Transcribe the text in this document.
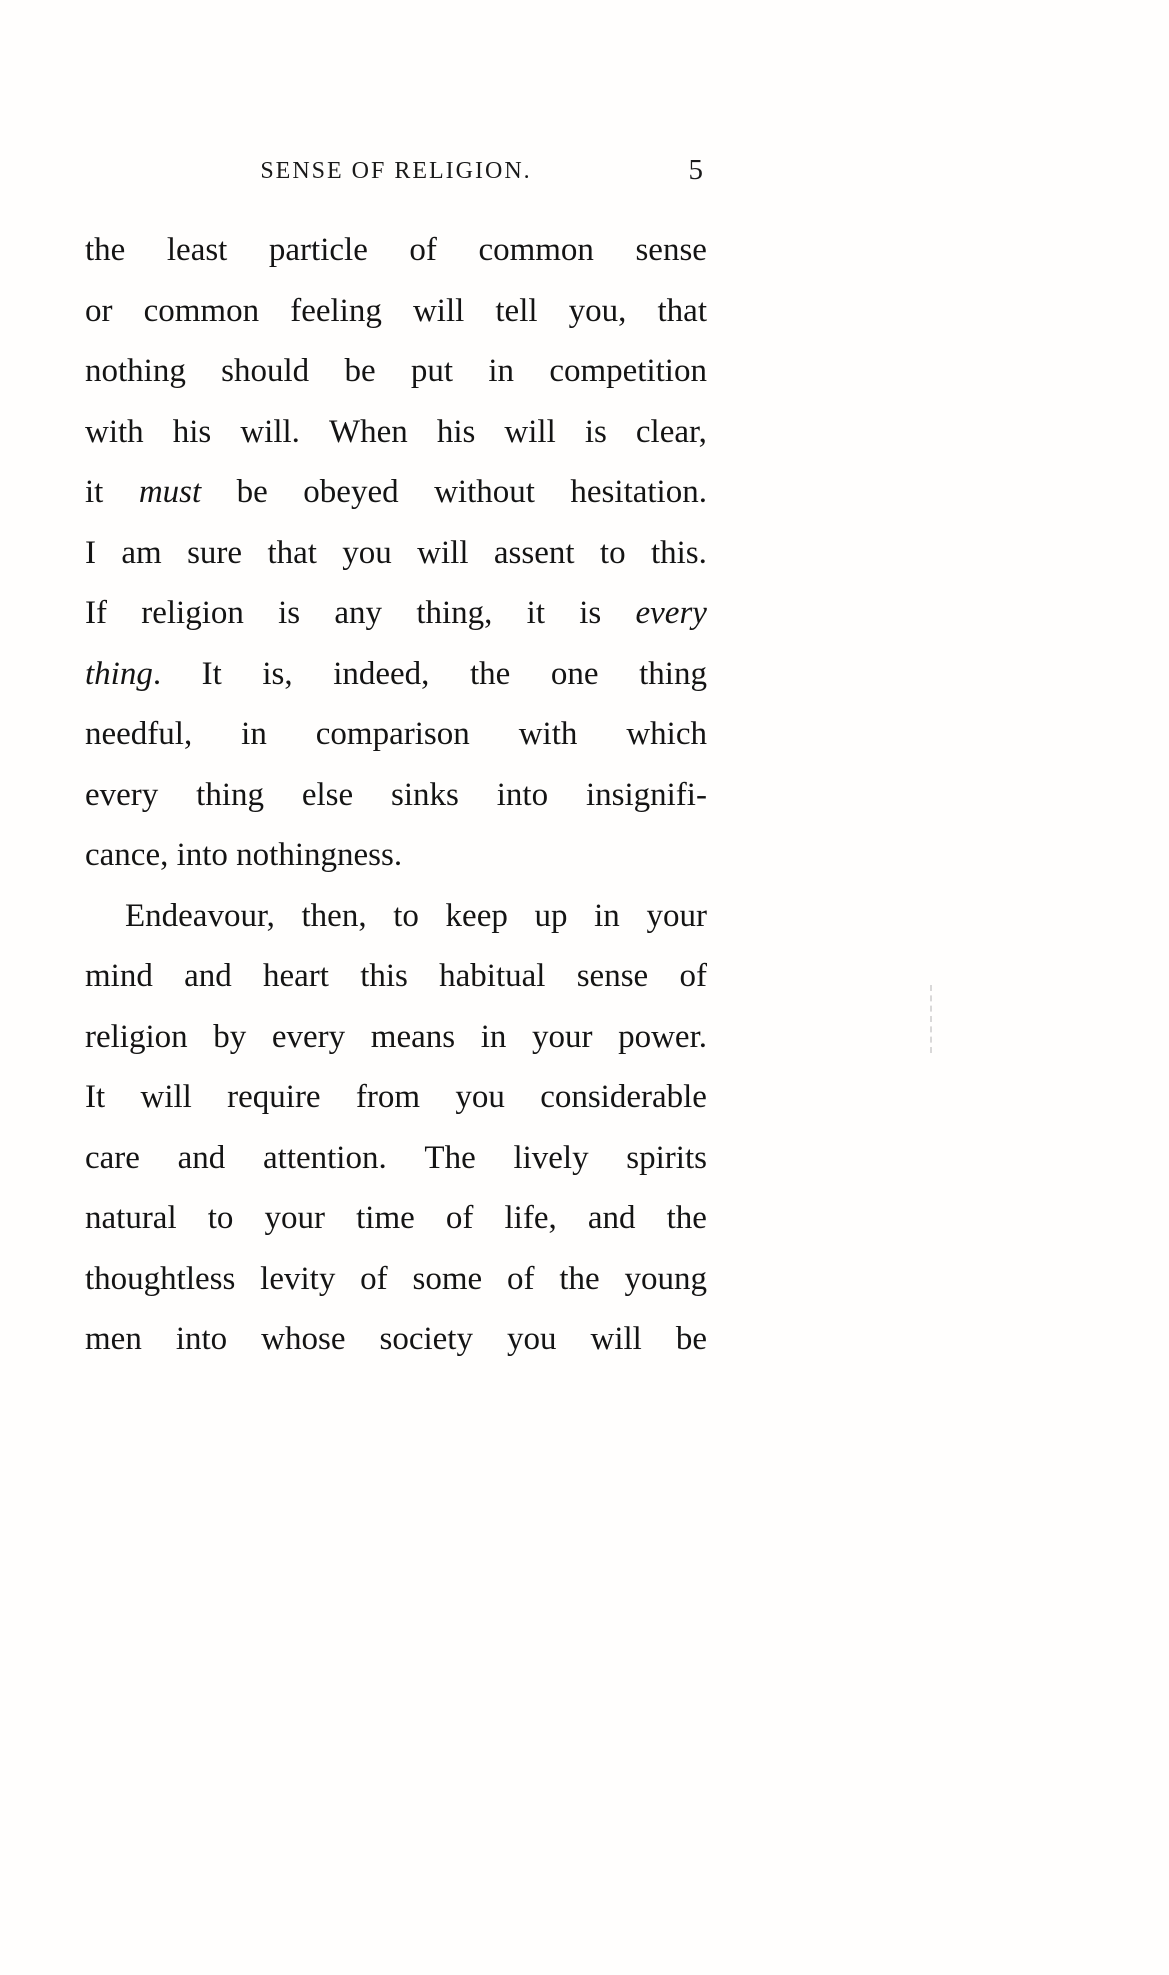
SENSE OF RELIGION.	5
the least particle of common sense
or common feeling will tell you, that
nothing should be put in competition
with his will. When his will is clear,
it must be obeyed without hesitation.
I am sure that you will assent to this.
If religion is any thing, it is every
thing. It is, indeed, the one thing
needful, in comparison with which
every thing else sinks into insignifi-
cance, into nothingness.
Endeavour, then, to keep up in your
mind and heart this habitual sense of
religion by every means in your power.
It will require from you considerable
care and attention. The lively spirits
natural to your time of life, and the
thoughtless levity of some of the young
men into whose society you will be
